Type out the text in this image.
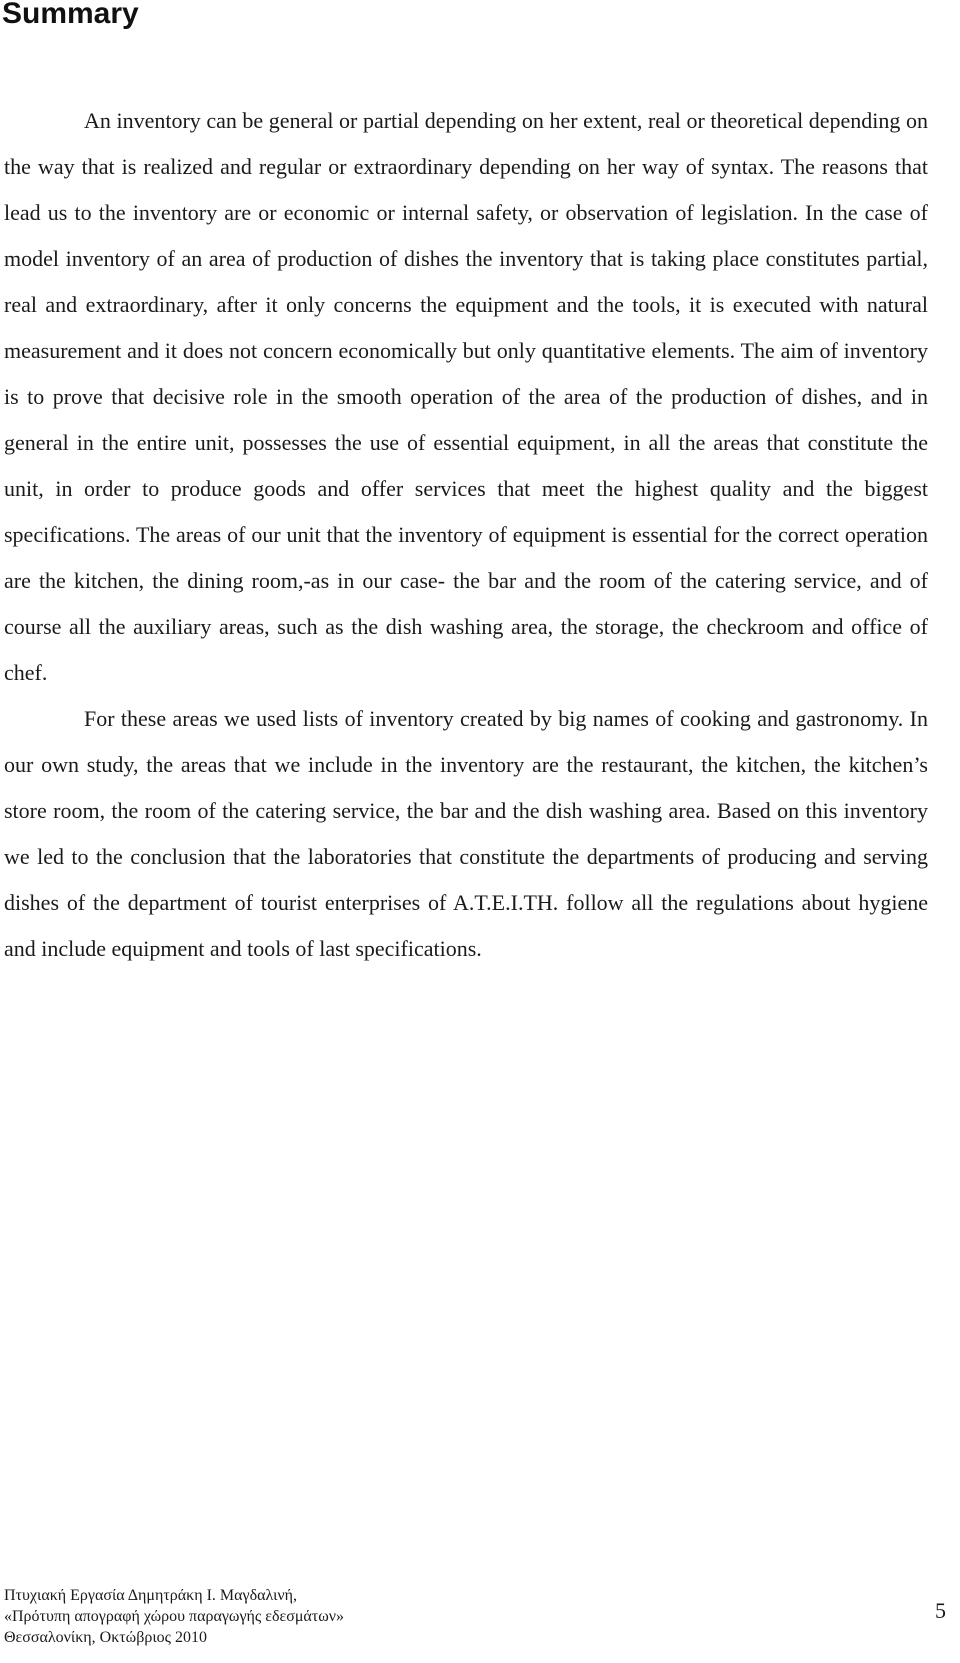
Summary

An inventory can be general or partial depending on her extent, real or theoretical depending on the way that is realized and regular or extraordinary depending on her way of syntax. The reasons that lead us to the inventory are or economic or internal safety, or observation of legislation. In the case of model inventory of an area of production of dishes the inventory that is taking place constitutes partial, real and extraordinary, after it only concerns the equipment and the tools, it is executed with natural measurement and it does not concern economically but only quantitative elements. The aim of inventory is to prove that decisive role in the smooth operation of the area of the production of dishes, and in general in the entire unit, possesses the use of essential equipment, in all the areas that constitute the unit, in order to produce goods and offer services that meet the highest quality and the biggest specifications. The areas of our unit that the inventory of equipment is essential for the correct operation are the kitchen, the dining room,-as in our case- the bar and the room of the catering service, and of course all the auxiliary areas, such as the dish washing area, the storage, the checkroom and office of chef.

For these areas we used lists of inventory created by big names of cooking and gastronomy. In our own study, the areas that we include in the inventory are the restaurant, the kitchen, the kitchen’s store room, the room of the catering service, the bar and the dish washing area. Based on this inventory we led to the conclusion that the laboratories that constitute the departments of producing and serving dishes of the department of tourist enterprises of A.T.E.I.TH. follow all the regulations about hygiene and include equipment and tools of last specifications.

Πτυχιακή Εργασία Δημητράκη Ι. Μαγδαλινή,
«Πρότυπη απογραφή χώρου παραγωγής εδεσμάτων»
Θεσσαλονίκη, Οκτώβριος 2010
5
